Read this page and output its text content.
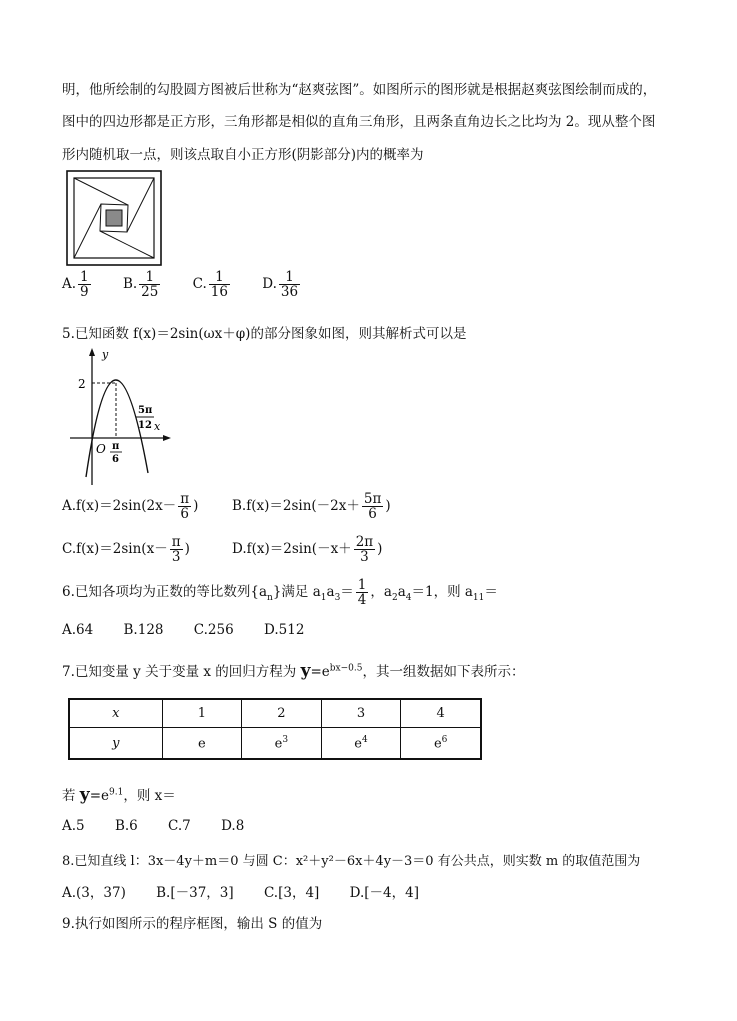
明，他所绘制的勾股圆方图被后世称为“赵爽弦图”。如图所示的图形就是根据赵爽弦图绘制而成的，
图中的四边形都是正方形，三角形都是相似的直角三角形，且两条直角边长之比均为 2。现从整个图
形内随机取一点，则该点取自小正方形(阴影部分)内的概率为
A. $\frac{1}{9} B$. $\frac{1}{25} C$. $\frac{1}{16} D$. $\frac{1}{36}$
5.已知函数 f(x)＝2sin(ωx＋φ)的部分图象如图，则其解析式可以是
y
x
2
O π
6
5π
12
$A.f(x)=2\sin(2x- \frac{\pi}{6}$ ) $B.f(x)=2\sin(-2x+ \frac{5\pi}{6}$ )
$C.f(x)=2\sin(x- \frac{\pi}{3}$ )	$D.f(x)=2\sin(-x+ \frac{2\pi}{3}$ )
6.已知各项均为正数的等比数列$\{a_n\}$满足 $a_1a_3= \frac{1}{4}$ ，$a_2a_4=1$，则 $a_{11}=$
A.64 B.128 C.256 D.512
7.已知变量 y 关于变量 x 的回归方程为 $y=e^{bx-0.5}$，其一组数据如下表所示：
x	1	2	3	4
y	e	$e^3$	$e^4$	$e^6$
若 $y=e^{9.1}$，则 x＝
A.5 B.6 C.7 D.8
8.已知直线 l：3x－4y＋m＝0 与圆 C：x²＋y²－6x＋4y－3＝0 有公共点，则实数 m 的取值范围为
A.(3，37) B.[－37，3] C.[3，4] D.[－4，4]
9.执行如图所示的程序框图，输出 S 的值为
